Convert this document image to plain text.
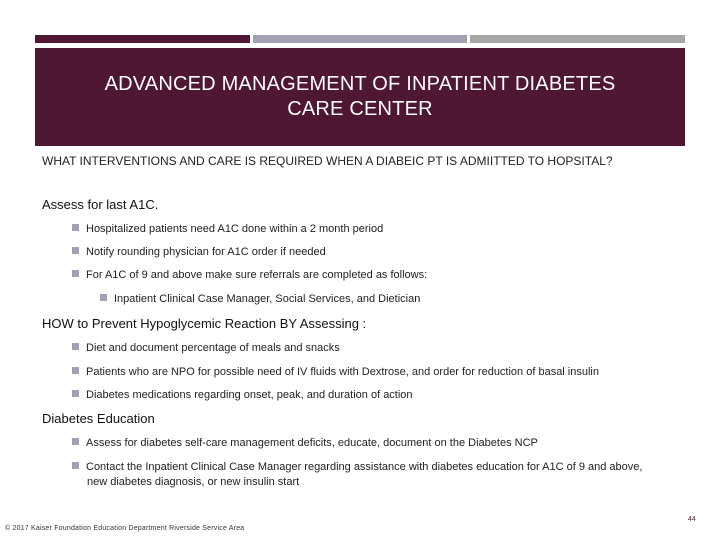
ADVANCED MANAGEMENT OF INPATIENT DIABETES
CARE CENTER
WHAT INTERVENTIONS AND CARE IS REQUIRED WHEN A DIABEIC PT IS ADMIITTED TO HOPSITAL?
Assess for last A1C.
Hospitalized patients need A1C done within a 2 month period
Notify rounding physician for A1C order if needed
For A1C of 9 and above make sure referrals are completed as follows:
Inpatient Clinical Case Manager, Social Services, and Dietician
HOW to Prevent Hypoglycemic Reaction BY Assessing :
Diet and document percentage of meals and snacks
Patients who are NPO for possible need of IV fluids with Dextrose, and order for reduction of basal insulin
Diabetes medications regarding onset, peak, and duration of action
Diabetes Education
Assess for diabetes self-care management deficits, educate, document on the Diabetes NCP
Contact the Inpatient Clinical Case Manager regarding assistance with diabetes education for A1C of 9 and above, new diabetes diagnosis, or new insulin start
© 2017 Kaiser Foundation Education Department Riverside Service Area
44
